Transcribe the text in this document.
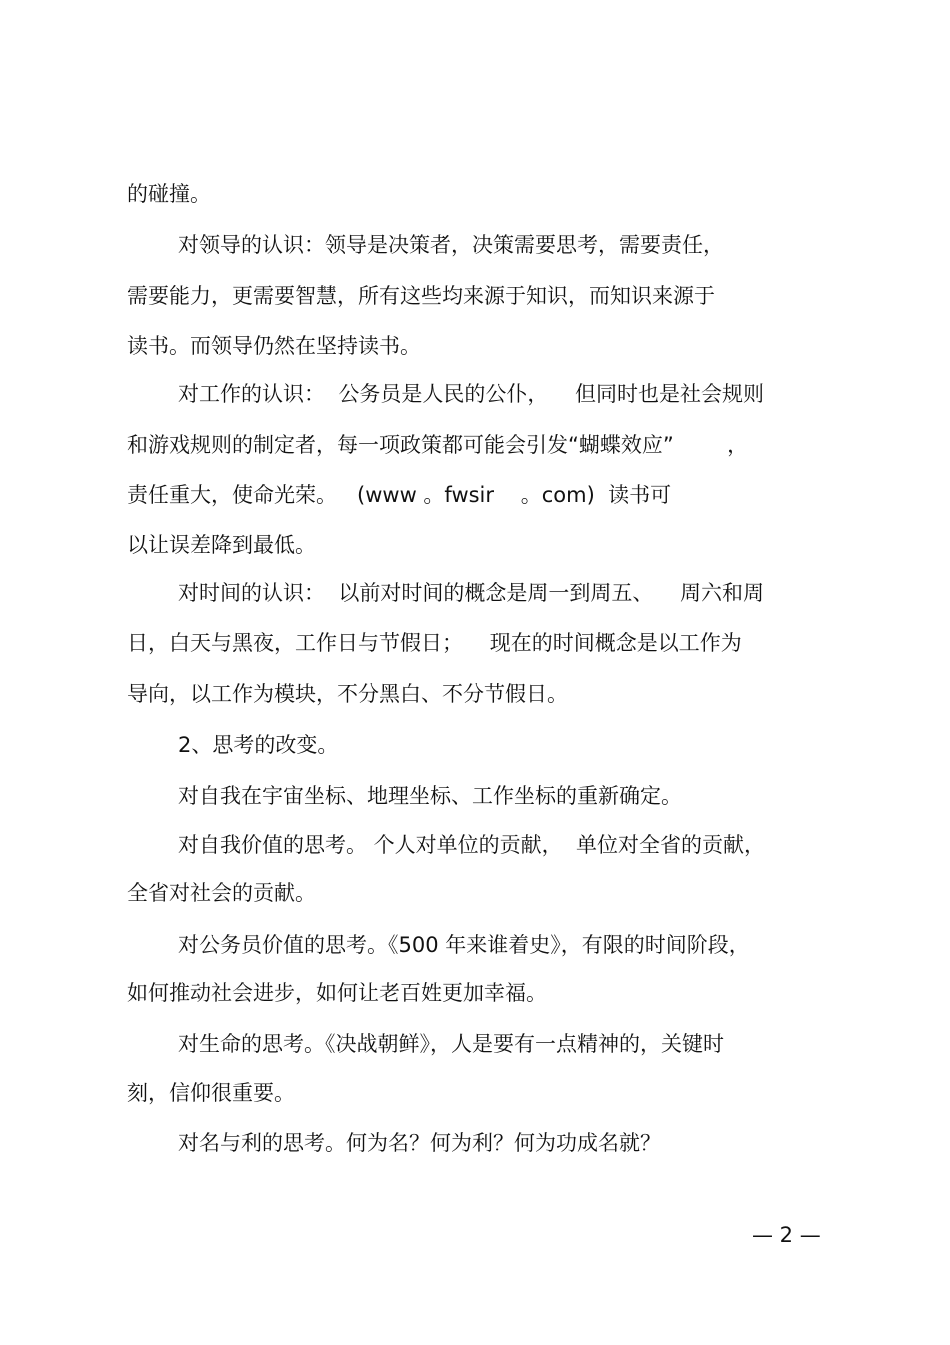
的碰撞。
对领导的认识：领导是决策者，决策需要思考，需要责任，
需要能力，更需要智慧，所有这些均来源于知识，而知识来源于
读书。而领导仍然在坚持读书。
对工作的认识：  公务员是人民的公仆，    但同时也是社会规则
和游戏规则的制定者，每一项政策都可能会引发“蝴蝶效应”        ，
责任重大，使命光荣。   (www 。fwsir    。com)  读书可
以让误差降到最低。
对时间的认识：  以前对时间的概念是周一到周五、    周六和周
日，白天与黑夜，工作日与节假日；    现在的时间概念是以工作为
导向，以工作为模块，不分黑白、不分节假日。
2、思考的改变。
对自我在宇宙坐标、地理坐标、工作坐标的重新确定。
对自我价值的思考。 个人对单位的贡献，  单位对全省的贡献，
全省对社会的贡献。
对公务员价值的思考。《500 年来谁着史》，有限的时间阶段，
如何推动社会进步，如何让老百姓更加幸福。
对生命的思考。《决战朝鲜》，人是要有一点精神的，关键时
刻，信仰很重要。
对名与利的思考。何为名？何为利？何为功成名就？
— 2 —
